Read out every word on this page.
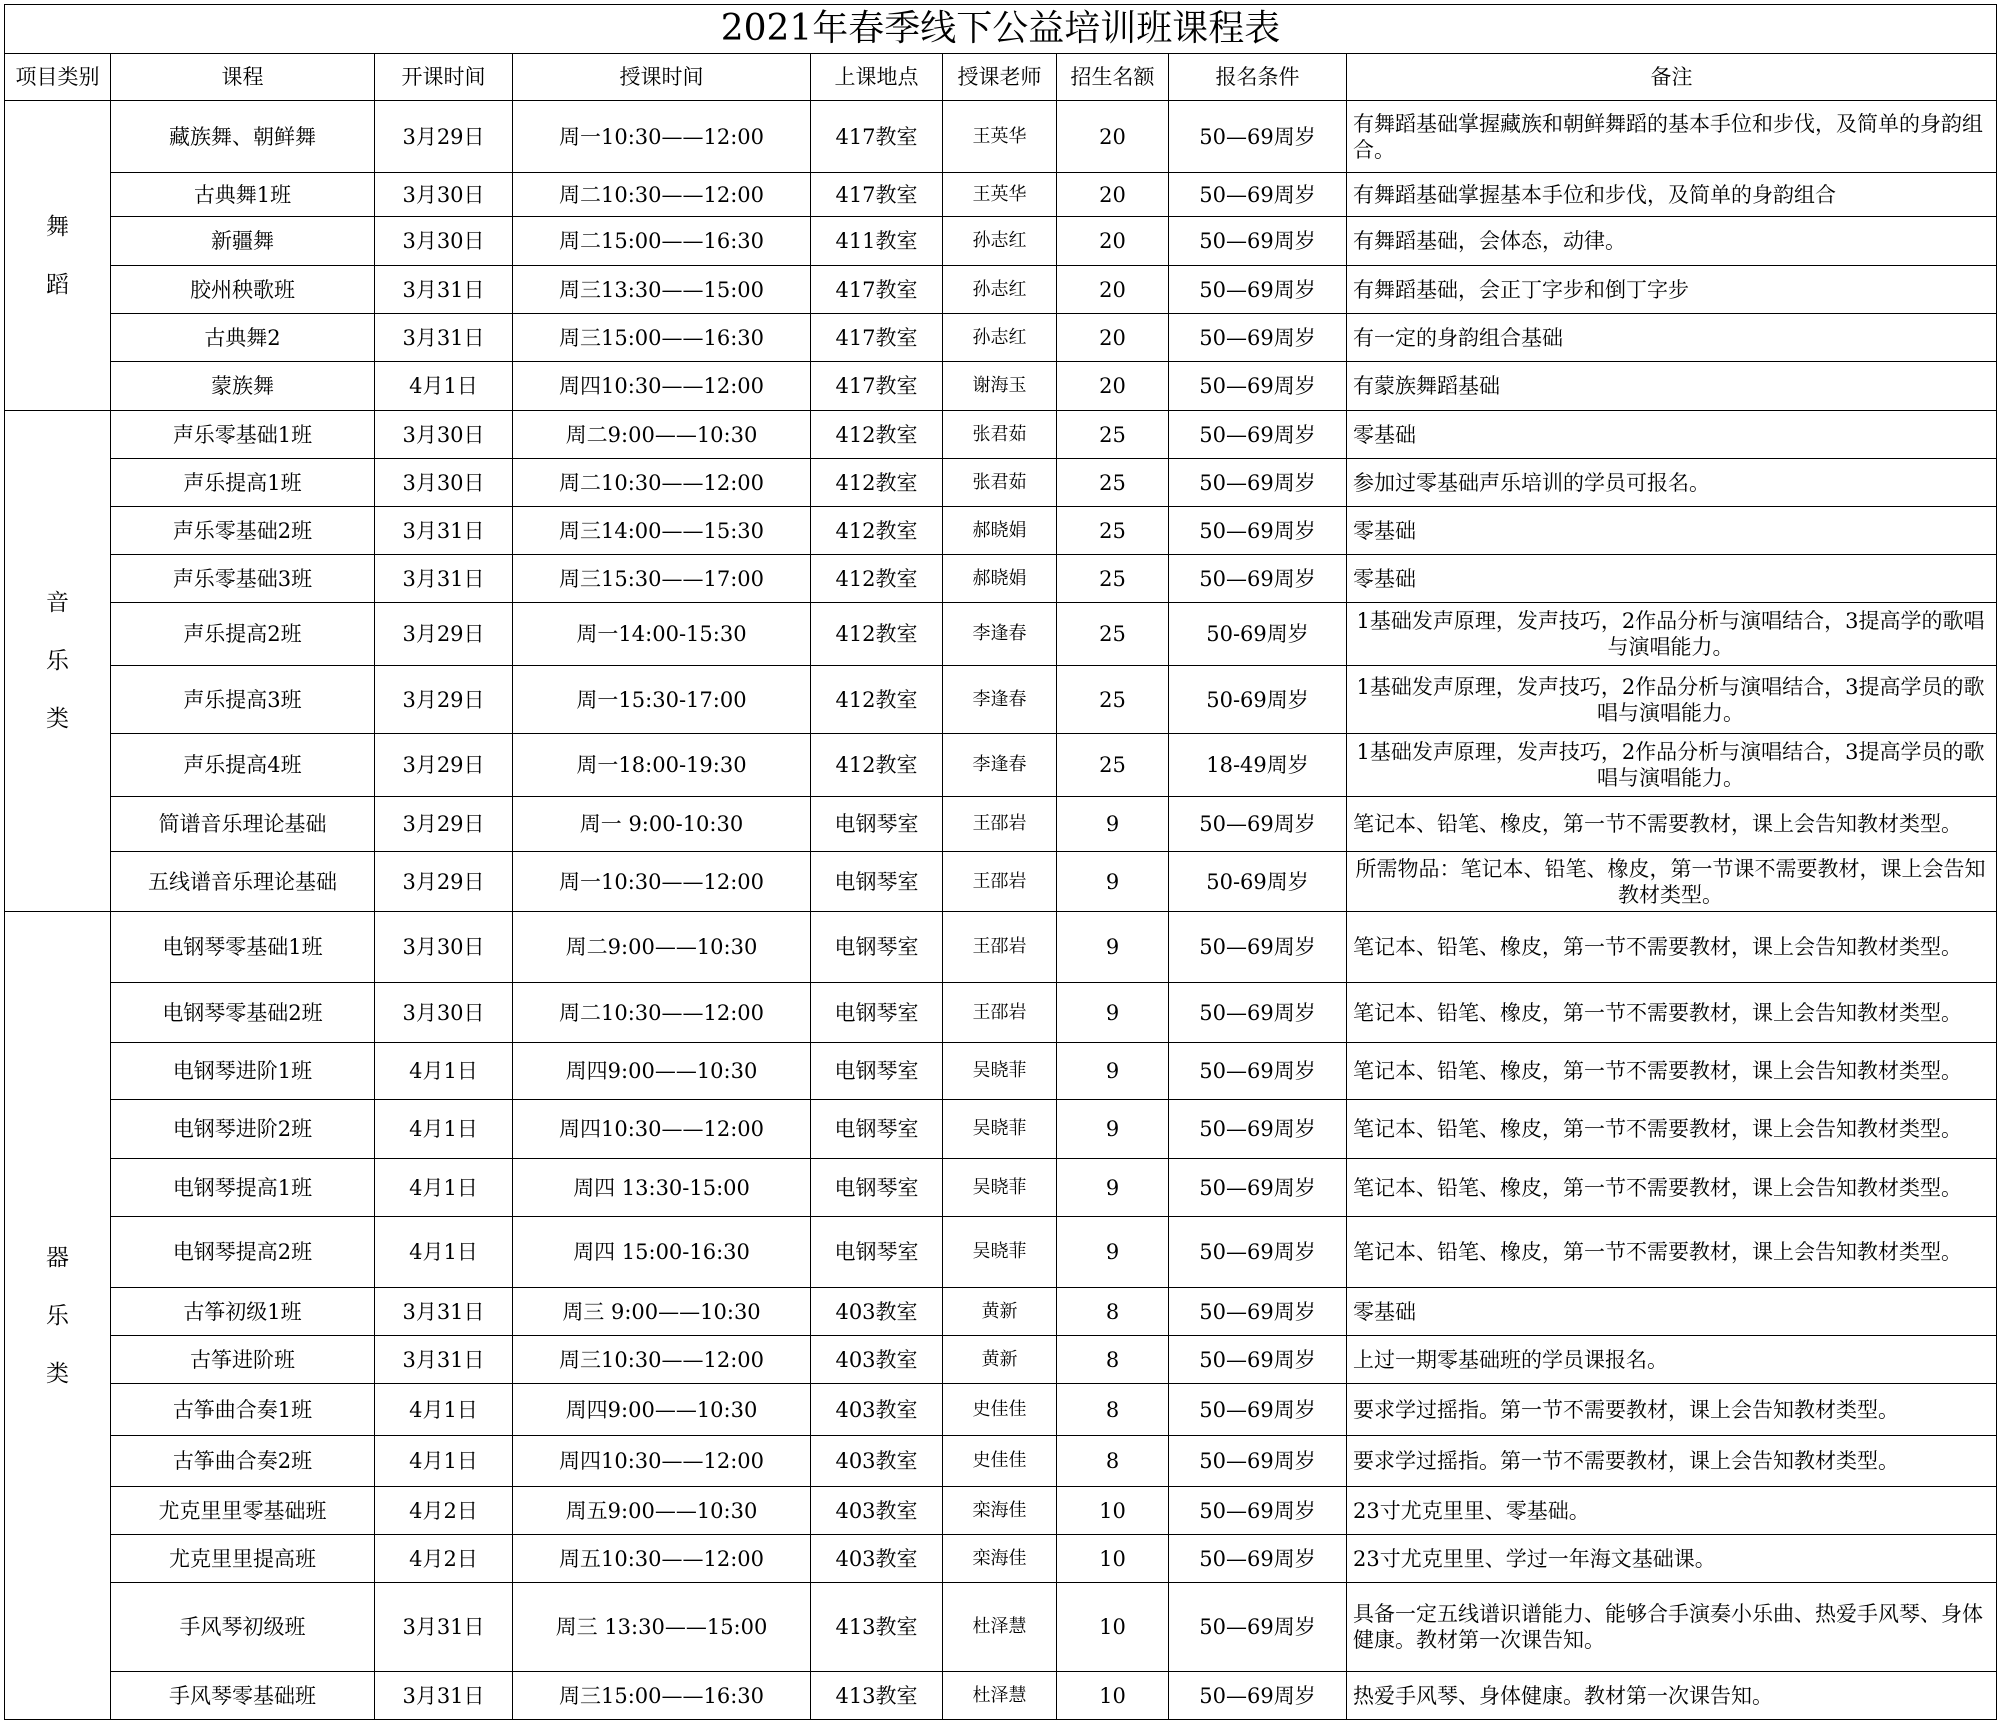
2021年春季线下公益培训班课程表								
项目类别	课程	开课时间	授课时间	上课地点	授课老师	招生名额	报名条件	备注

舞
蹈	藏族舞、朝鲜舞	3月29日	周一10:30——12:00	417教室	王英华	20	50—69周岁	有舞蹈基础掌握藏族和朝鲜舞蹈的基本手位和步伐，及简单的身韵组合。
	古典舞1班	3月30日	周二10:30——12:00	417教室	王英华	20	50—69周岁	有舞蹈基础掌握基本手位和步伐，及简单的身韵组合
	新疆舞	3月30日	周二15:00——16:30	411教室	孙志红	20	50—69周岁	有舞蹈基础，会体态，动律。
	胶州秧歌班	3月31日	周三13:30——15:00	417教室	孙志红	20	50—69周岁	有舞蹈基础，会正丁字步和倒丁字步
	古典舞2	3月31日	周三15:00——16:30	417教室	孙志红	20	50—69周岁	有一定的身韵组合基础
	蒙族舞	4月1日	周四10:30——12:00	417教室	谢海玉	20	50—69周岁	有蒙族舞蹈基础

音
乐
类	声乐零基础1班	3月30日	周二9:00——10:30	412教室	张君茹	25	50—69周岁	零基础
	声乐提高1班	3月30日	周二10:30——12:00	412教室	张君茹	25	50—69周岁	参加过零基础声乐培训的学员可报名。
	声乐零基础2班	3月31日	周三14:00——15:30	412教室	郝晓娟	25	50—69周岁	零基础
	声乐零基础3班	3月31日	周三15:30——17:00	412教室	郝晓娟	25	50—69周岁	零基础
	声乐提高2班	3月29日	周一14:00-15:30	412教室	李逢春	25	50-69周岁	1基础发声原理，发声技巧，2作品分析与演唱结合，3提高学的歌唱与演唱能力。
	声乐提高3班	3月29日	周一15:30-17:00	412教室	李逢春	25	50-69周岁	1基础发声原理，发声技巧，2作品分析与演唱结合，3提高学员的歌唱与演唱能力。
	声乐提高4班	3月29日	周一18:00-19:30	412教室	李逢春	25	18-49周岁	1基础发声原理，发声技巧，2作品分析与演唱结合，3提高学员的歌唱与演唱能力。
	简谱音乐理论基础	3月29日	周一 9:00-10:30	电钢琴室	王邵岩	9	50—69周岁	笔记本、铅笔、橡皮，第一节不需要教材，课上会告知教材类型。
	五线谱音乐理论基础	3月29日	周一10:30——12:00	电钢琴室	王邵岩	9	50-69周岁	所需物品：笔记本、铅笔、橡皮，第一节课不需要教材，课上会告知教材类型。

器
乐
类	电钢琴零基础1班	3月30日	周二9:00——10:30	电钢琴室	王邵岩	9	50—69周岁	笔记本、铅笔、橡皮，第一节不需要教材，课上会告知教材类型。
	电钢琴零基础2班	3月30日	周二10:30——12:00	电钢琴室	王邵岩	9	50—69周岁	笔记本、铅笔、橡皮，第一节不需要教材，课上会告知教材类型。
	电钢琴进阶1班	4月1日	周四9:00——10:30	电钢琴室	吴晓菲	9	50—69周岁	笔记本、铅笔、橡皮，第一节不需要教材，课上会告知教材类型。
	电钢琴进阶2班	4月1日	周四10:30——12:00	电钢琴室	吴晓菲	9	50—69周岁	笔记本、铅笔、橡皮，第一节不需要教材，课上会告知教材类型。
	电钢琴提高1班	4月1日	周四 13:30-15:00	电钢琴室	吴晓菲	9	50—69周岁	笔记本、铅笔、橡皮，第一节不需要教材，课上会告知教材类型。
	电钢琴提高2班	4月1日	周四 15:00-16:30	电钢琴室	吴晓菲	9	50—69周岁	笔记本、铅笔、橡皮，第一节不需要教材，课上会告知教材类型。
	古筝初级1班	3月31日	周三 9:00——10:30	403教室	黄新	8	50—69周岁	零基础
	古筝进阶班	3月31日	周三10:30——12:00	403教室	黄新	8	50—69周岁	上过一期零基础班的学员课报名。
	古筝曲合奏1班	4月1日	周四9:00——10:30	403教室	史佳佳	8	50—69周岁	要求学过摇指。第一节不需要教材，课上会告知教材类型。
	古筝曲合奏2班	4月1日	周四10:30——12:00	403教室	史佳佳	8	50—69周岁	要求学过摇指。第一节不需要教材，课上会告知教材类型。
	尤克里里零基础班	4月2日	周五9:00——10:30	403教室	栾海佳	10	50—69周岁	23寸尤克里里、零基础。
	尤克里里提高班	4月2日	周五10:30——12:00	403教室	栾海佳	10	50—69周岁	23寸尤克里里、学过一年海文基础课。
	手风琴初级班	3月31日	周三 13:30——15:00	413教室	杜泽慧	10	50—69周岁	具备一定五线谱识谱能力、能够合手演奏小乐曲、热爱手风琴、身体健康。教材第一次课告知。
	手风琴零基础班	3月31日	周三15:00——16:30	413教室	杜泽慧	10	50—69周岁	热爱手风琴、身体健康。教材第一次课告知。
